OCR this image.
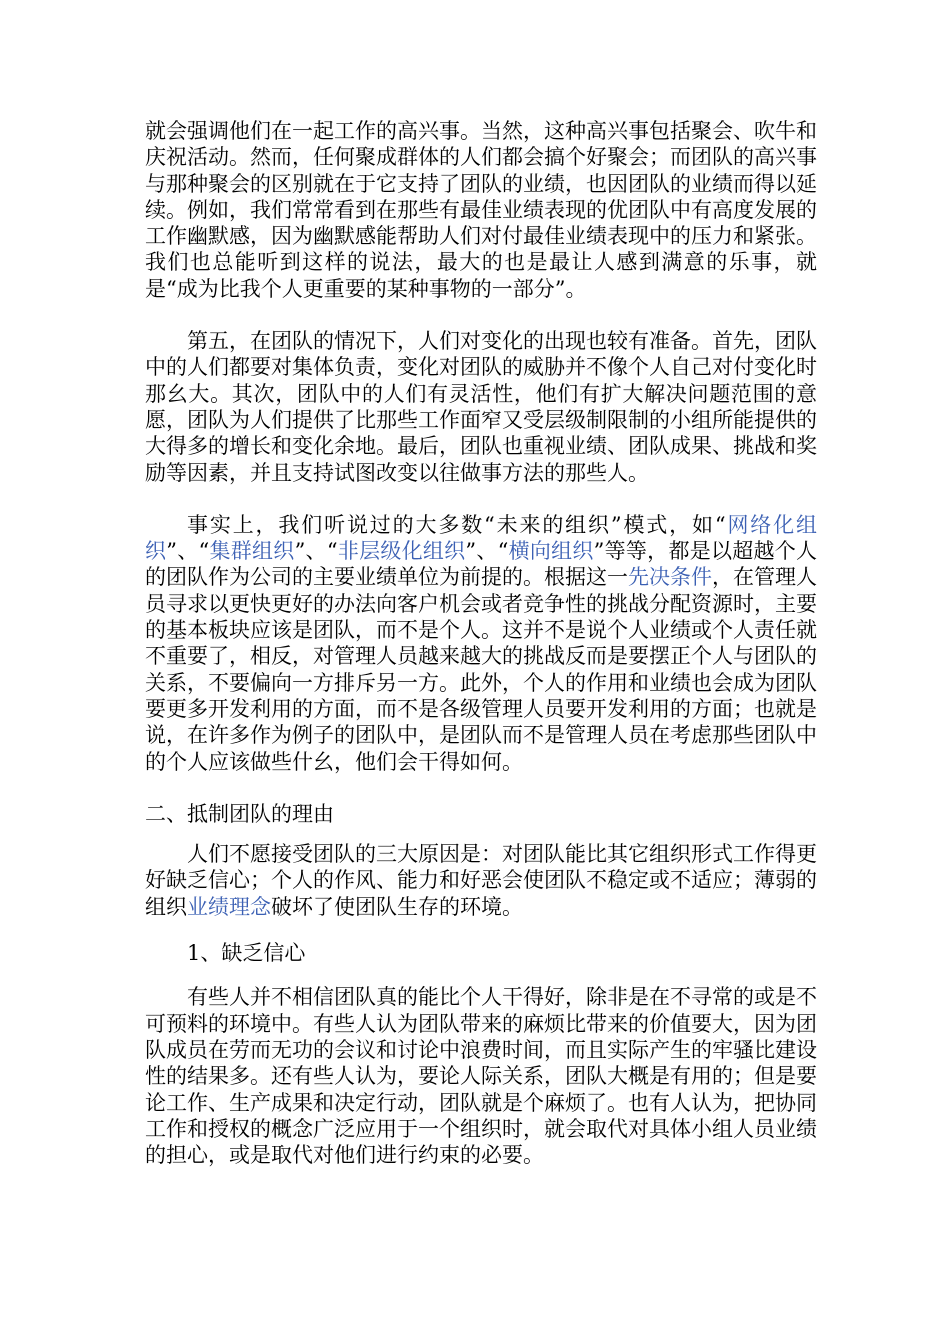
就会强调他们在一起工作的高兴事。当然，这种高兴事包括聚会、吹牛和庆祝活动。然而，任何聚成群体的人们都会搞个好聚会；而团队的高兴事与那种聚会的区别就在于它支持了团队的业绩，也因团队的业绩而得以延续。例如，我们常常看到在那些有最佳业绩表现的优团队中有高度发展的工作幽默感，因为幽默感能帮助人们对付最佳业绩表现中的压力和紧张。我们也总能听到这样的说法，最大的也是最让人感到满意的乐事，就是“成为比我个人更重要的某种事物的一部分”。

第五，在团队的情况下，人们对变化的出现也较有准备。首先，团队中的人们都要对集体负责，变化对团队的威胁并不像个人自己对付变化时那幺大。其次，团队中的人们有灵活性，他们有扩大解决问题范围的意愿，团队为人们提供了比那些工作面窄又受层级制限制的小组所能提供的大得多的增长和变化余地。最后，团队也重视业绩、团队成果、挑战和奖励等因素，并且支持试图改变以往做事方法的那些人。

事实上，我们听说过的大多数“未来的组织”模式，如“网络化组织”、“集群组织”、“非层级化组织”、“横向组织”等等，都是以超越个人的团队作为公司的主要业绩单位为前提的。根据这一先决条件，在管理人员寻求以更快更好的办法向客户机会或者竞争性的挑战分配资源时，主要的基本板块应该是团队，而不是个人。这并不是说个人业绩或个人责任就不重要了，相反，对管理人员越来越大的挑战反而是要摆正个人与团队的关系，不要偏向一方排斥另一方。此外，个人的作用和业绩也会成为团队要更多开发利用的方面，而不是各级管理人员要开发利用的方面；也就是说，在许多作为例子的团队中，是团队而不是管理人员在考虑那些团队中的个人应该做些什幺，他们会干得如何。

二、抵制团队的理由

人们不愿接受团队的三大原因是：对团队能比其它组织形式工作得更好缺乏信心；个人的作风、能力和好恶会使团队不稳定或不适应；薄弱的组织业绩理念破坏了使团队生存的环境。

1、缺乏信心

有些人并不相信团队真的能比个人干得好，除非是在不寻常的或是不可预料的环境中。有些人认为团队带来的麻烦比带来的价值要大，因为团队成员在劳而无功的会议和讨论中浪费时间，而且实际产生的牢骚比建设性的结果多。还有些人认为，要论人际关系，团队大概是有用的；但是要论工作、生产成果和决定行动，团队就是个麻烦了。也有人认为，把协同工作和授权的概念广泛应用于一个组织时，就会取代对具体小组人员业绩的担心，或是取代对他们进行约束的必要。
